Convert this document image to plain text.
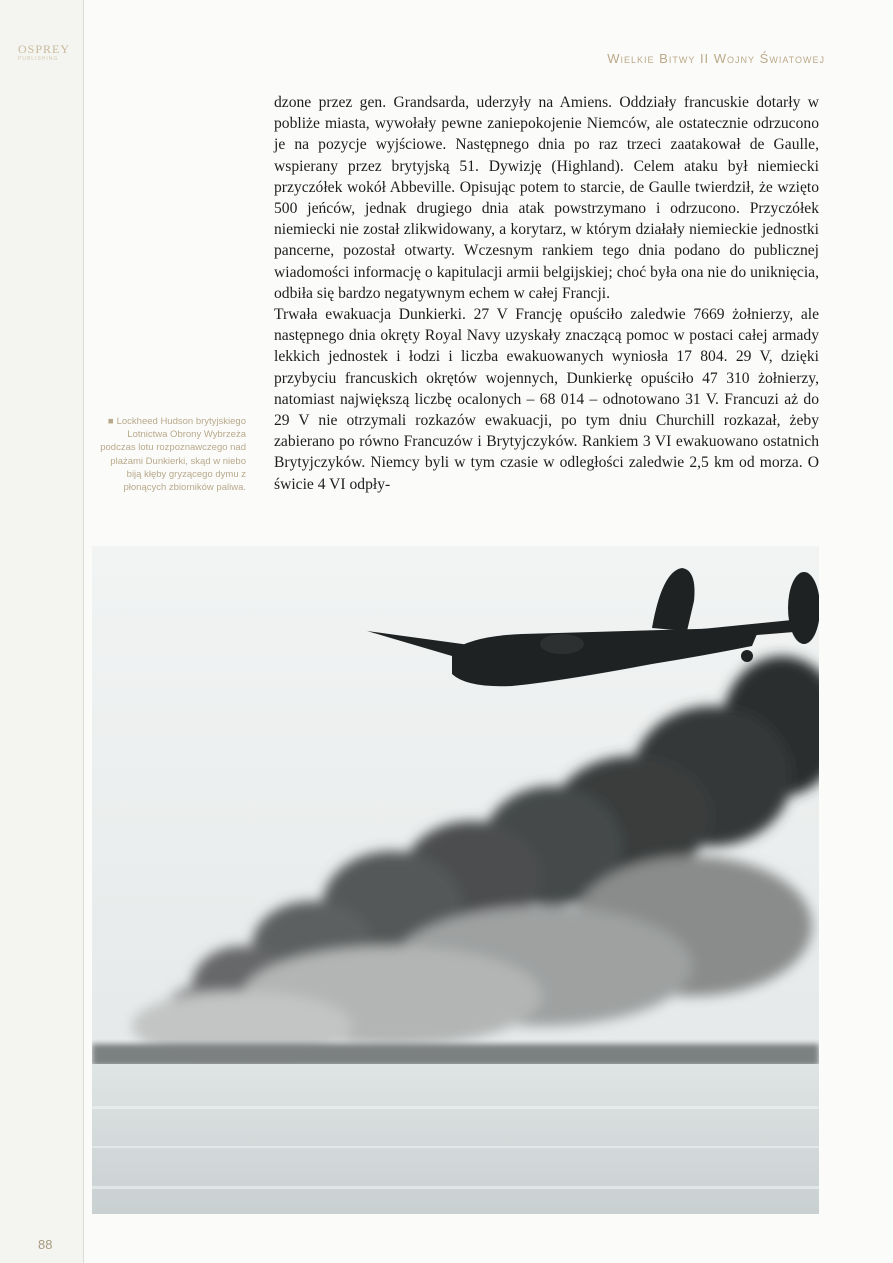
OSPREY
PUBLISHING	Wielkie Bitwy II Wojny Światowej

dzone przez gen. Grandsarda, uderzyły na Amiens. Oddziały francuskie dotarły w pobliże miasta, wywołały pewne zaniepokojenie Niemców, ale ostatecznie odrzucono je na pozycje wyjściowe. Następnego dnia po raz trzeci zaatakował de Gaulle, wspierany przez brytyjską 51. Dywizję (Highland). Celem ataku był niemiecki przyczółek wokół Abbeville. Opisując potem to starcie, de Gaulle twierdził, że wzięto 500 jeńców, jednak drugiego dnia atak powstrzymano i odrzucono. Przyczółek niemiecki nie został zlikwidowany, a korytarz, w którym działały niemieckie jednostki pancerne, pozostał otwarty. Wczesnym rankiem tego dnia podano do publicznej wiadomości informację o kapitulacji armii belgijskiej; choć była ona nie do uniknięcia, odbiła się bardzo negatywnym echem w całej Francji.

Trwała ewakuacja Dunkierki. 27 V Francję opuściło zaledwie 7669 żołnierzy, ale następnego dnia okręty Royal Navy uzyskały znaczącą pomoc w postaci całej armady lekkich jednostek i łodzi i liczba ewakuowanych wyniosła 17 804. 29 V, dzięki przybyciu francuskich okrętów wojennych, Dunkierkę opuściło 47 310 żołnierzy, natomiast największą liczbę ocalonych – 68 014 – odnotowano 31 V. Francuzi aż do 29 V nie otrzymali rozkazów ewakuacji, po tym dniu Churchill rozkazał, żeby zabierano po równo Francuzów i Brytyjczyków. Rankiem 3 VI ewakuowano ostatnich Brytyjczyków. Niemcy byli w tym czasie w odległości zaledwie 2,5 km od morza. O świcie 4 VI odpły-

■ Lockheed Hudson brytyjskiego Lotnictwa Obrony Wybrzeża podczas lotu rozpoznawczego nad plażami Dunkierki, skąd w niebo biją kłęby gryzącego dymu z płonących zbiorników paliwa.
88
